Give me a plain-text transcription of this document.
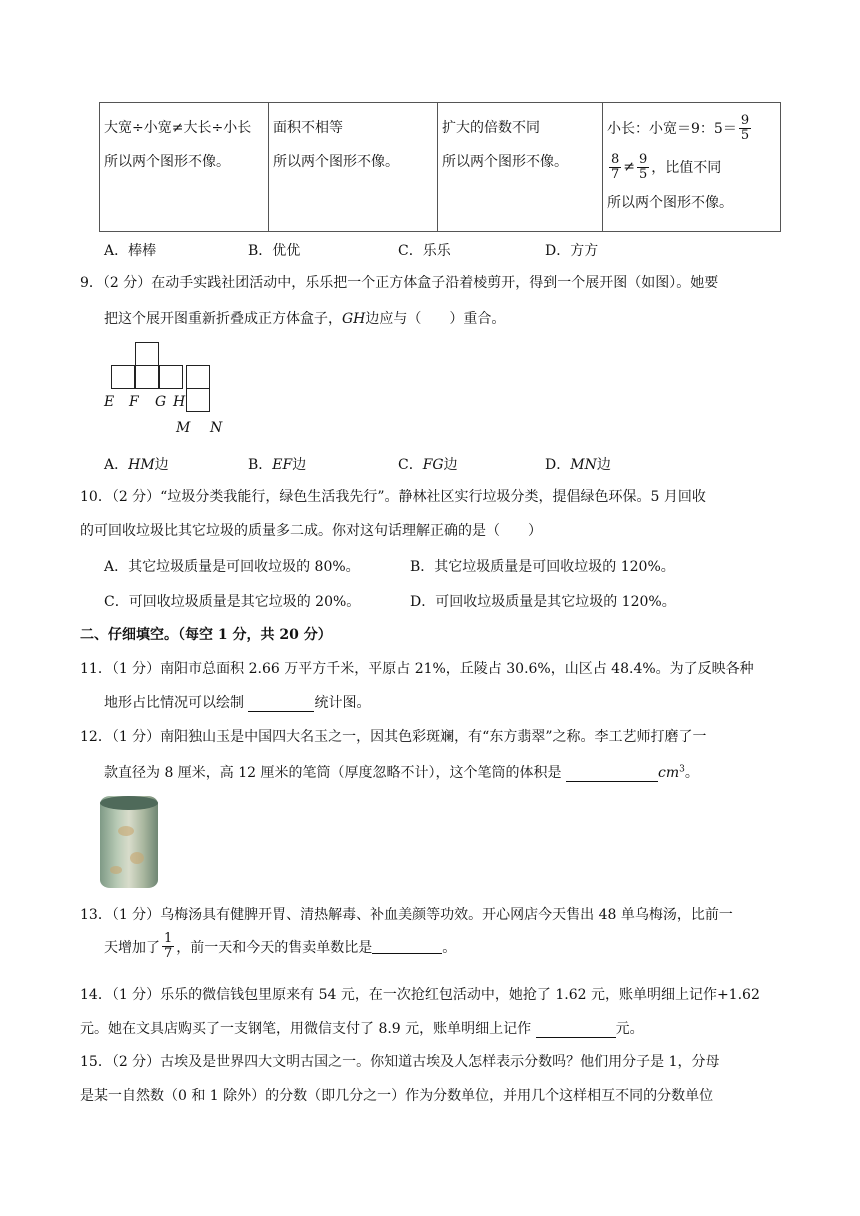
大宽÷小宽≠大长÷小长
所以两个图形不像。

面积不相等
所以两个图形不像。

扩大的倍数不同
所以两个图形不像。

小长：小宽＝9：$5= \frac{9}{5}$
$\frac{8}{7} \ne \frac{9}{5}$ ，比值不同
所以两个图形不像。
A．棒棒	B．优优	C．乐乐	D．方方
9．（2 分）在动手实践社团活动中，乐乐把一个正方体盒子沿着棱剪开，得到一个展开图（如图）。她要
把这个展开图重新折叠成正方体盒子，GH边应与（　　）重合。
E F G H
M N
A．HM边	B．EF边	C．FG边	D．MN边
10．（2 分）“垃圾分类我能行，绿色生活我先行”。静林社区实行垃圾分类，提倡绿色环保。5 月回收
的可回收垃圾比其它垃圾的质量多二成。你对这句话理解正确的是（　　）
A．其它垃圾质量是可回收垃圾的 80%。	B．其它垃圾质量是可回收垃圾的 120%。
C．可回收垃圾质量是其它垃圾的 20%。	D．可回收垃圾质量是其它垃圾的 120%。
二、仔细填空。（每空 1 分，共 20 分）
11．（1 分）南阳市总面积 2.66 万平方千米，平原占 21%，丘陵占 30.6%，山区占 48.4%。为了反映各种
地形占比情况可以绘制	统计图。
12．（1 分）南阳独山玉是中国四大名玉之一，因其色彩斑斓，有“东方翡翠”之称。李工艺师打磨了一
款直径为 8 厘米，高 12 厘米的笔筒（厚度忽略不计），这个笔筒的体积是	$cm^3$。
13．（1 分）乌梅汤具有健脾开胃、清热解毒、补血美颜等功效。开心网店今天售出 48 单乌梅汤，比前一
天增加了 $\frac{1}{7}$ ，前一天和今天的售卖单数比是	。
14．（1 分）乐乐的微信钱包里原来有 54 元，在一次抢红包活动中，她抢了 1.62 元，账单明细上记作+1.62
元。她在文具店购买了一支钢笔，用微信支付了 8.9 元，账单明细上记作	元。
15．（2 分）古埃及是世界四大文明古国之一。你知道古埃及人怎样表示分数吗？他们用分子是 1，分母
是某一自然数（0 和 1 除外）的分数（即几分之一）作为分数单位，并用几个这样相互不同的分数单位
